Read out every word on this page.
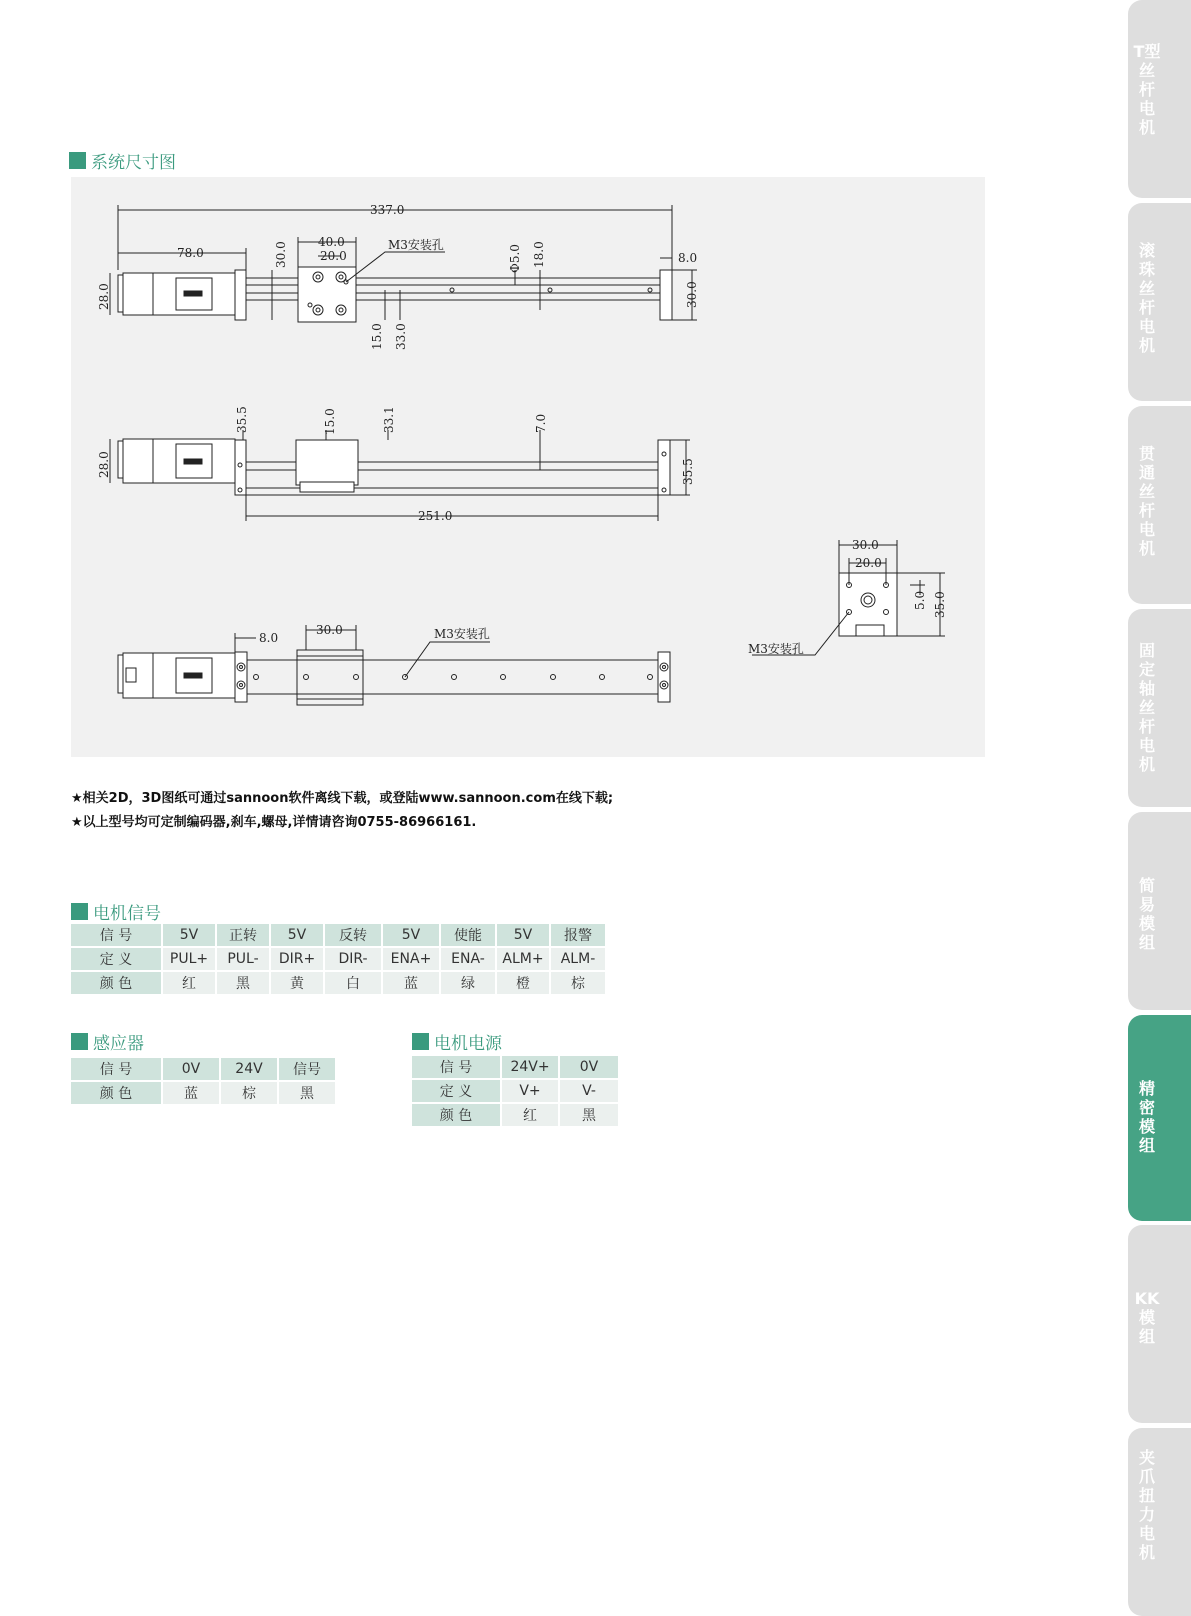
系统尺寸图
337.0
78.0	30.0	40.0
20.0
M3安装孔	Φ5.0 18.0	8.0
28.0	30.0
15.0 33.0
35.5	15.0	33.1	7.0
28.0	35.5
251.0
8.0
30.0	M3安装孔
30.0
20.0
5.0 35.0
M3安装孔
★相关2D，3D图纸可通过sannoon软件离线下载，或登陆www.sannoon.com在线下载;
★以上型号均可定制编码器,刹车,螺母,详情请咨询0755-86966161.
电机信号
信 号	5V	正转	5V	反转	5V	使能	5V	报警
定 义	PUL+	PUL-	DIR+	DIR-	ENA+	ENA-	ALM+	ALM-
颜 色	红	黑	黄	白	蓝	绿	橙	棕
感应器
信 号	0V	24V	信号
颜 色	蓝	棕	黑
电机电源
信 号	24V+	0V
定 义	V+	V-
颜 色	红	黑
T型丝杆电机
滚珠丝杆电机
贯通丝杆电机
固定轴丝杆电机
简易模组
精密模组
KK模组
夹爪扭力电机
